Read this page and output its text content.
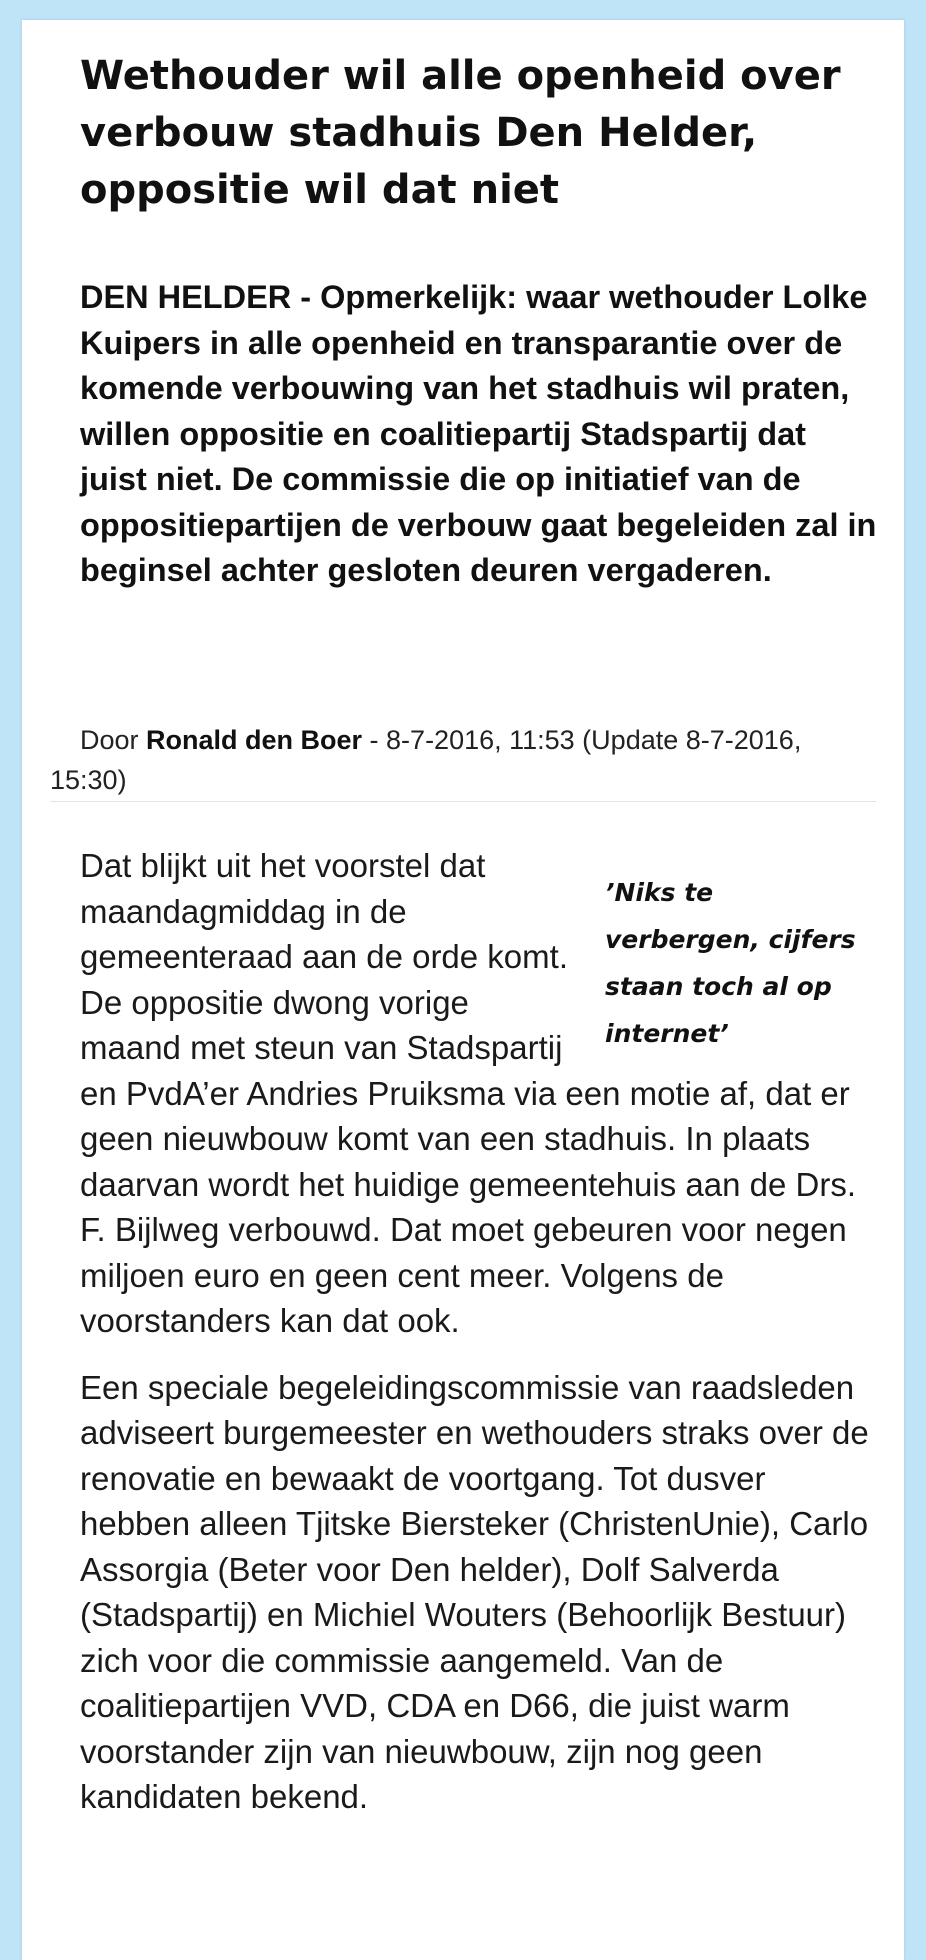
Wethouder wil alle openheid over verbouw stadhuis Den Helder, oppositie wil dat niet

DEN HELDER - Opmerkelijk: waar wethouder Lolke Kuipers in alle openheid en transparantie over de komende verbouwing van het stadhuis wil praten, willen oppositie en coalitiepartij Stadspartij dat juist niet. De commissie die op initiatief van de oppositiepartijen de verbouw gaat begeleiden zal in beginsel achter gesloten deuren vergaderen.

Door Ronald den Boer - 8-7-2016, 11:53 (Update 8-7-2016, 15:30)

’Niks te verbergen, cijfers staan toch al op internet’

Dat blijkt uit het voorstel dat maandagmiddag in de gemeenteraad aan de orde komt. De oppositie dwong vorige maand met steun van Stadspartij en PvdA’er Andries Pruiksma via een motie af, dat er geen nieuwbouw komt van een stadhuis. In plaats daarvan wordt het huidige gemeentehuis aan de Drs. F. Bijlweg verbouwd. Dat moet gebeuren voor negen miljoen euro en geen cent meer. Volgens de voorstanders kan dat ook.

Een speciale begeleidingscommissie van raadsleden adviseert burgemeester en wethouders straks over de renovatie en bewaakt de voortgang. Tot dusver hebben alleen Tjitske Biersteker (ChristenUnie), Carlo Assorgia (Beter voor Den helder), Dolf Salverda (Stadspartij) en Michiel Wouters (Behoorlijk Bestuur) zich voor die commissie aangemeld. Van de coalitiepartijen VVD, CDA en D66, die juist warm voorstander zijn van nieuwbouw, zijn nog geen kandidaten bekend.
